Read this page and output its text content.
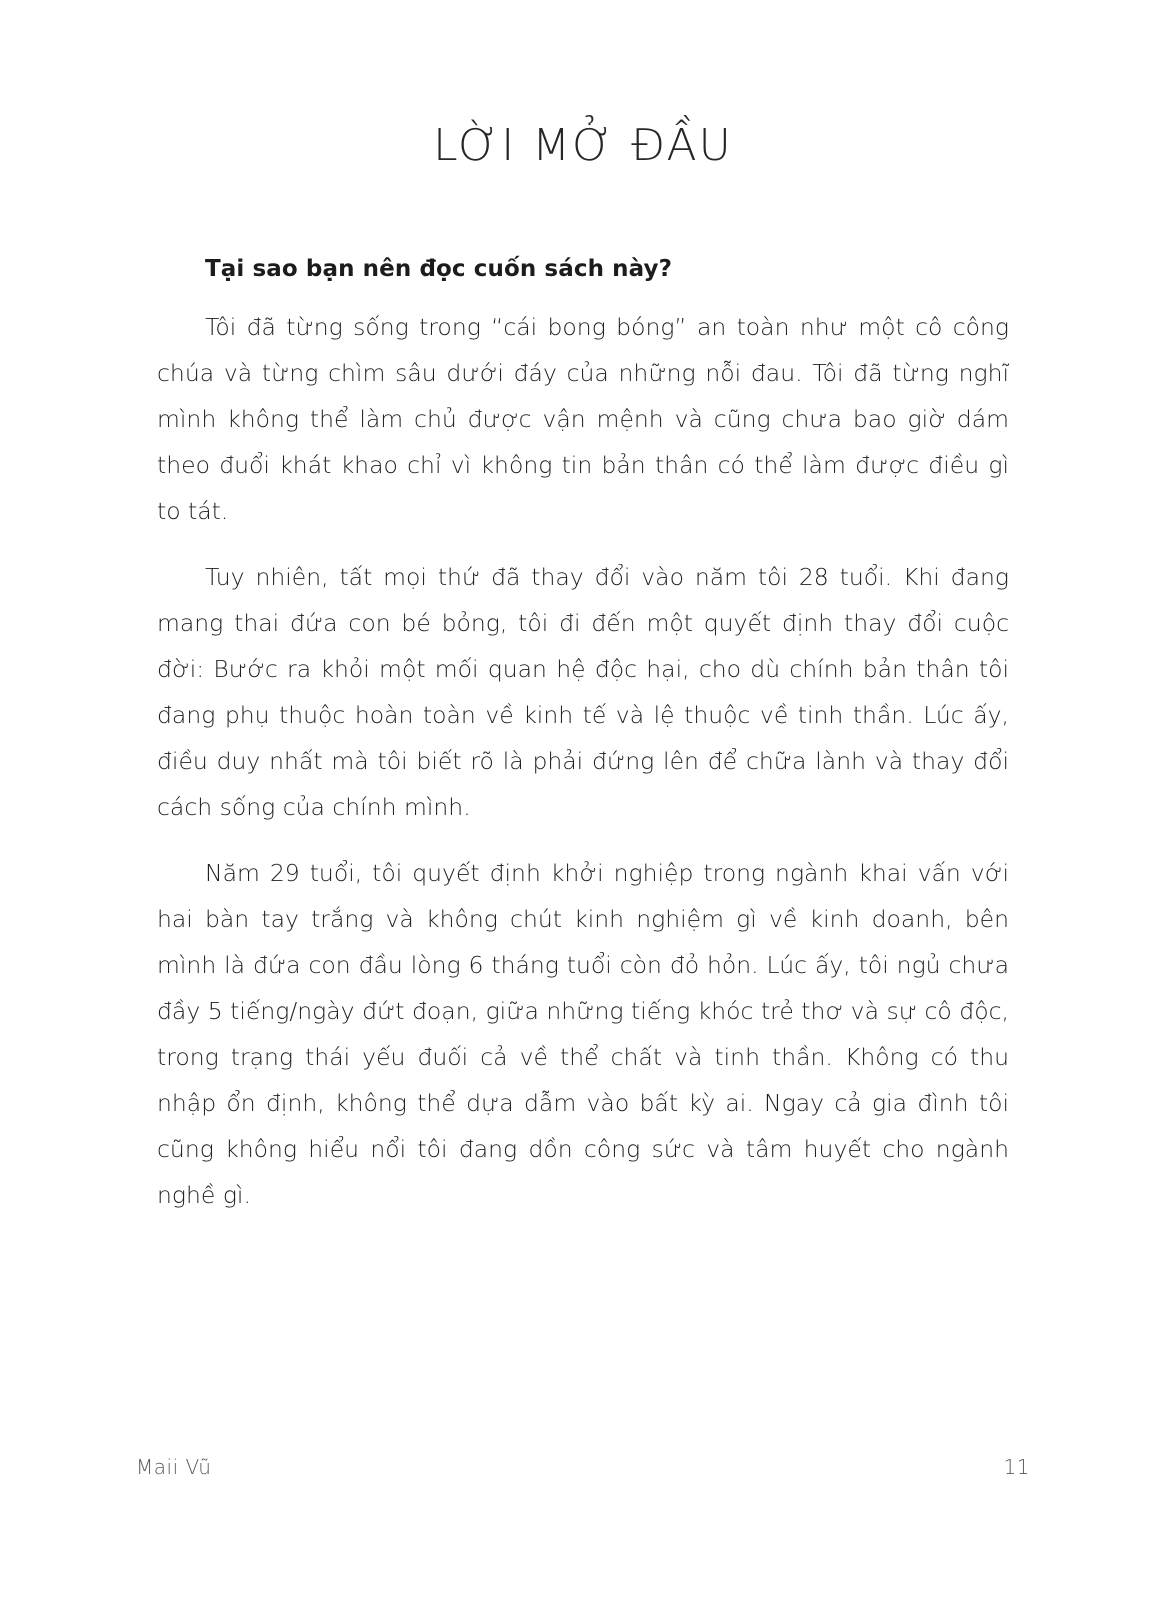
LỜI MỞ ĐẦU
Tại sao bạn nên đọc cuốn sách này?

Tôi đã từng sống trong “cái bong bóng” an toàn như một cô công chúa và từng chìm sâu dưới đáy của những nỗi đau. Tôi đã từng nghĩ mình không thể làm chủ được vận mệnh và cũng chưa bao giờ dám theo đuổi khát khao chỉ vì không tin bản thân có thể làm được điều gì to tát.

Tuy nhiên, tất mọi thứ đã thay đổi vào năm tôi 28 tuổi. Khi đang mang thai đứa con bé bỏng, tôi đi đến một quyết định thay đổi cuộc đời: Bước ra khỏi một mối quan hệ độc hại, cho dù chính bản thân tôi đang phụ thuộc hoàn toàn về kinh tế và lệ thuộc về tinh thần. Lúc ấy, điều duy nhất mà tôi biết rõ là phải đứng lên để chữa lành và thay đổi cách sống của chính mình.

Năm 29 tuổi, tôi quyết định khởi nghiệp trong ngành khai vấn với hai bàn tay trắng và không chút kinh nghiệm gì về kinh doanh, bên mình là đứa con đầu lòng 6 tháng tuổi còn đỏ hỏn. Lúc ấy, tôi ngủ chưa đầy 5 tiếng/ngày đứt đoạn, giữa những tiếng khóc trẻ thơ và sự cô độc, trong trạng thái yếu đuối cả về thể chất và tinh thần. Không có thu nhập ổn định, không thể dựa dẫm vào bất kỳ ai. Ngay cả gia đình tôi cũng không hiểu nổi tôi đang dồn công sức và tâm huyết cho ngành nghề gì.

Maii Vũ	11
